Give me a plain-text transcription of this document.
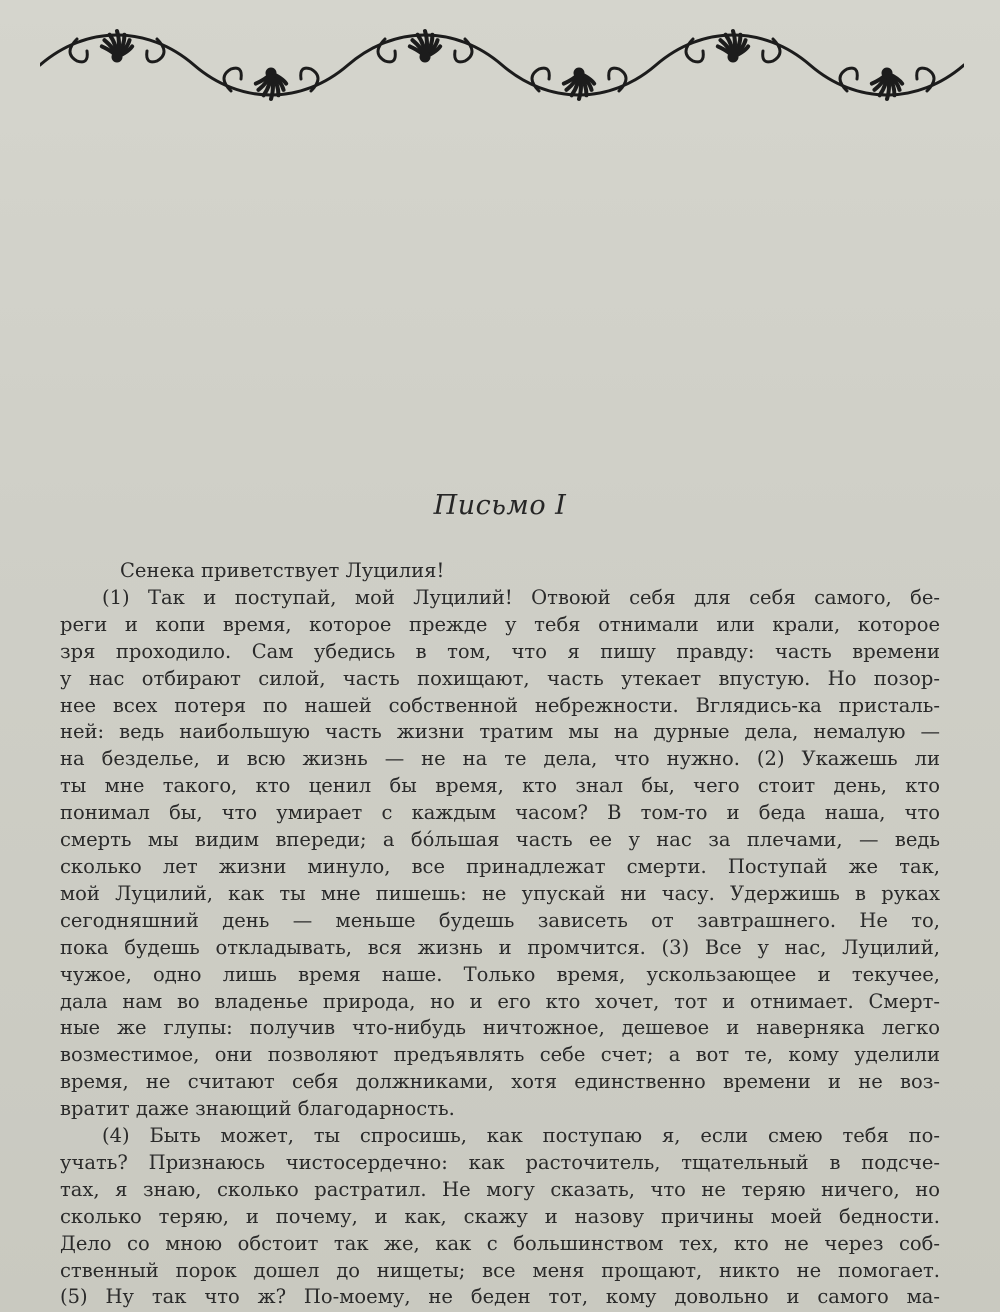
Письмо I
Сенека приветствует Луцилия!
(1) Так и поступай, мой Луцилий! Отвоюй себя для себя самого, бе-
реги и копи время, которое прежде у тебя отнимали или крали, которое
зря проходило. Сам убедись в том, что я пишу правду: часть времени
у нас отбирают силой, часть похищают, часть утекает впустую. Но позор-
нее всех потеря по нашей собственной небрежности. Вглядись-ка присталь-
ней: ведь наибольшую часть жизни тратим мы на дурные дела, немалую —
на безделье, и всю жизнь — не на те дела, что нужно. (2) Укажешь ли
ты мне такого, кто ценил бы время, кто знал бы, чего стоит день, кто
понимал бы, что умирает с каждым часом? В том-то и беда наша, что
смерть мы видим впереди; а бо́льшая часть ее у нас за плечами, — ведь
сколько лет жизни минуло, все принадлежат смерти. Поступай же так,
мой Луцилий, как ты мне пишешь: не упускай ни часу. Удержишь в руках
сегодняшний день — меньше будешь зависеть от завтрашнего. Не то,
пока будешь откладывать, вся жизнь и промчится. (3) Все у нас, Луцилий,
чужое, одно лишь время наше. Только время, ускользающее и текучее,
дала нам во владенье природа, но и его кто хочет, тот и отнимает. Смерт-
ные же глупы: получив что-нибудь ничтожное, дешевое и наверняка легко
возместимое, они позволяют предъявлять себе счет; а вот те, кому уделили
время, не считают себя должниками, хотя единственно времени и не воз-
вратит даже знающий благодарность.
(4) Быть может, ты спросишь, как поступаю я, если смею тебя по-
учать? Признаюсь чистосердечно: как расточитель, тщательный в подсче-
тах, я знаю, сколько растратил. Не могу сказать, что не теряю ничего, но
сколько теряю, и почему, и как, скажу и назову причины моей бедности.
Дело со мною обстоит так же, как с большинством тех, кто не через соб-
ственный порок дошел до нищеты; все меня прощают, никто не помогает.
(5) Ну так что ж? По-моему, не беден тот, кому довольно и самого ма-
